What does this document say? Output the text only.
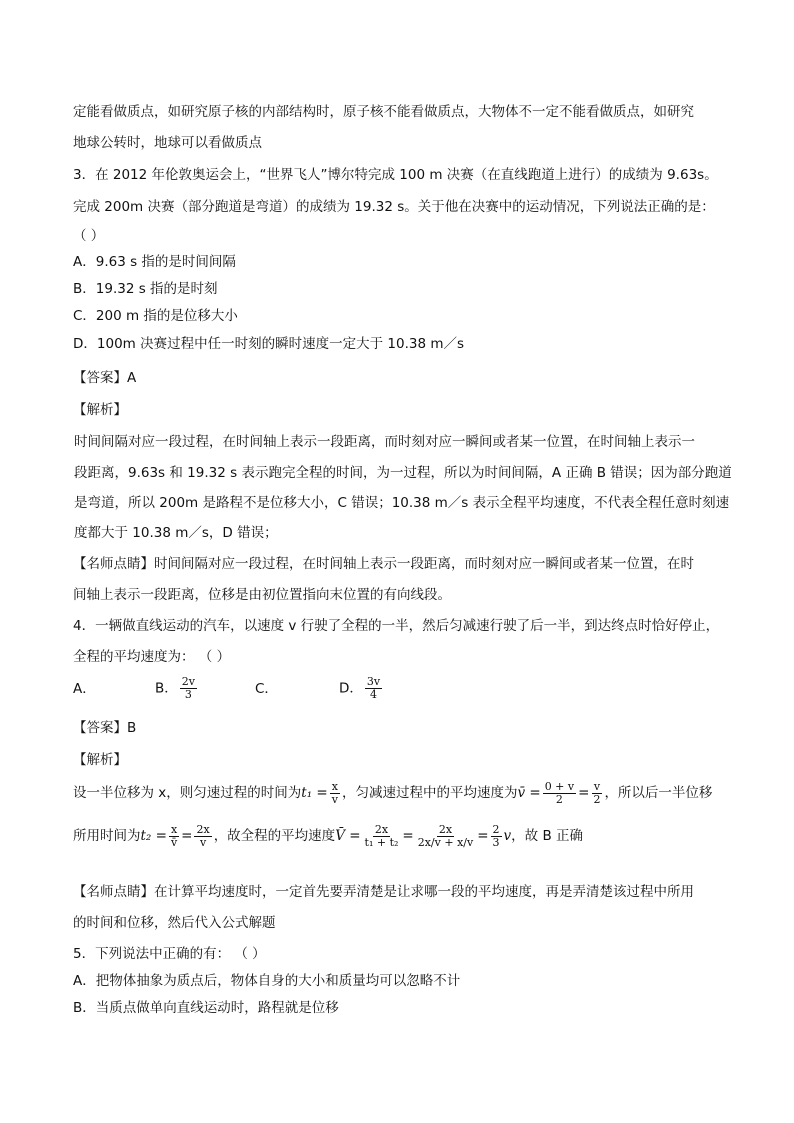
定能看做质点，如研究原子核的内部结构时，原子核不能看做质点，大物体不一定不能看做质点，如研究
地球公转时，地球可以看做质点
3．在 2012 年伦敦奥运会上，“世界飞人”博尔特完成 100 m 决赛（在直线跑道上进行）的成绩为 9.63s。
完成 200m 决赛（部分跑道是弯道）的成绩为 19.32 s。关于他在决赛中的运动情况，下列说法正确的是：
（ ）
A．9.63 s 指的是时间间隔
B．19.32 s 指的是时刻
C．200 m 指的是位移大小
D．100m 决赛过程中任一时刻的瞬时速度一定大于 10.38 m／s
【答案】A
【解析】
时间间隔对应一段过程，在时间轴上表示一段距离，而时刻对应一瞬间或者某一位置，在时间轴上表示一
段距离，9.63s 和 19.32 s 表示跑完全程的时间，为一过程，所以为时间间隔，A 正确 B 错误；因为部分跑道
是弯道，所以 200m 是路程不是位移大小，C 错误；10.38 m／s 表示全程平均速度，不代表全程任意时刻速
度都大于 10.38 m／s，D 错误；
【名师点睛】时间间隔对应一段过程，在时间轴上表示一段距离，而时刻对应一瞬间或者某一位置，在时
间轴上表示一段距离，位移是由初位置指向末位置的有向线段。
4．一辆做直线运动的汽车，以速度 v 行驶了全程的一半，然后匀减速行驶了后一半，到达终点时恰好停止，
全程的平均速度为： （ ）
A．	B． $\frac{2v}{3}$	C．	D． $\frac{3v}{4}$
【答案】B
【解析】
设一半位移为 x，则匀速过程的时间为$t_1 = \frac{x}{v}$ ，匀减速过程中的平均速度为v̄ = $\frac{0 + v}{2} = \frac{v}{2}$ ，所以后一半位移
所用时间为$t_2 = \frac{x}{v̄} = \frac{2x}{v}$ ，故全程的平均速度V̄ = $\frac{2x}{\text{t₁ + t₂}} = \frac{2x}{2x/v + x/v} = \frac{2}{3}$ v，故 B 正确
【名师点睛】在计算平均速度时，一定首先要弄清楚是让求哪一段的平均速度，再是弄清楚该过程中所用
的时间和位移，然后代入公式解题
5．下列说法中正确的有： （ ）
A．把物体抽象为质点后，物体自身的大小和质量均可以忽略不计
B．当质点做单向直线运动时，路程就是位移
